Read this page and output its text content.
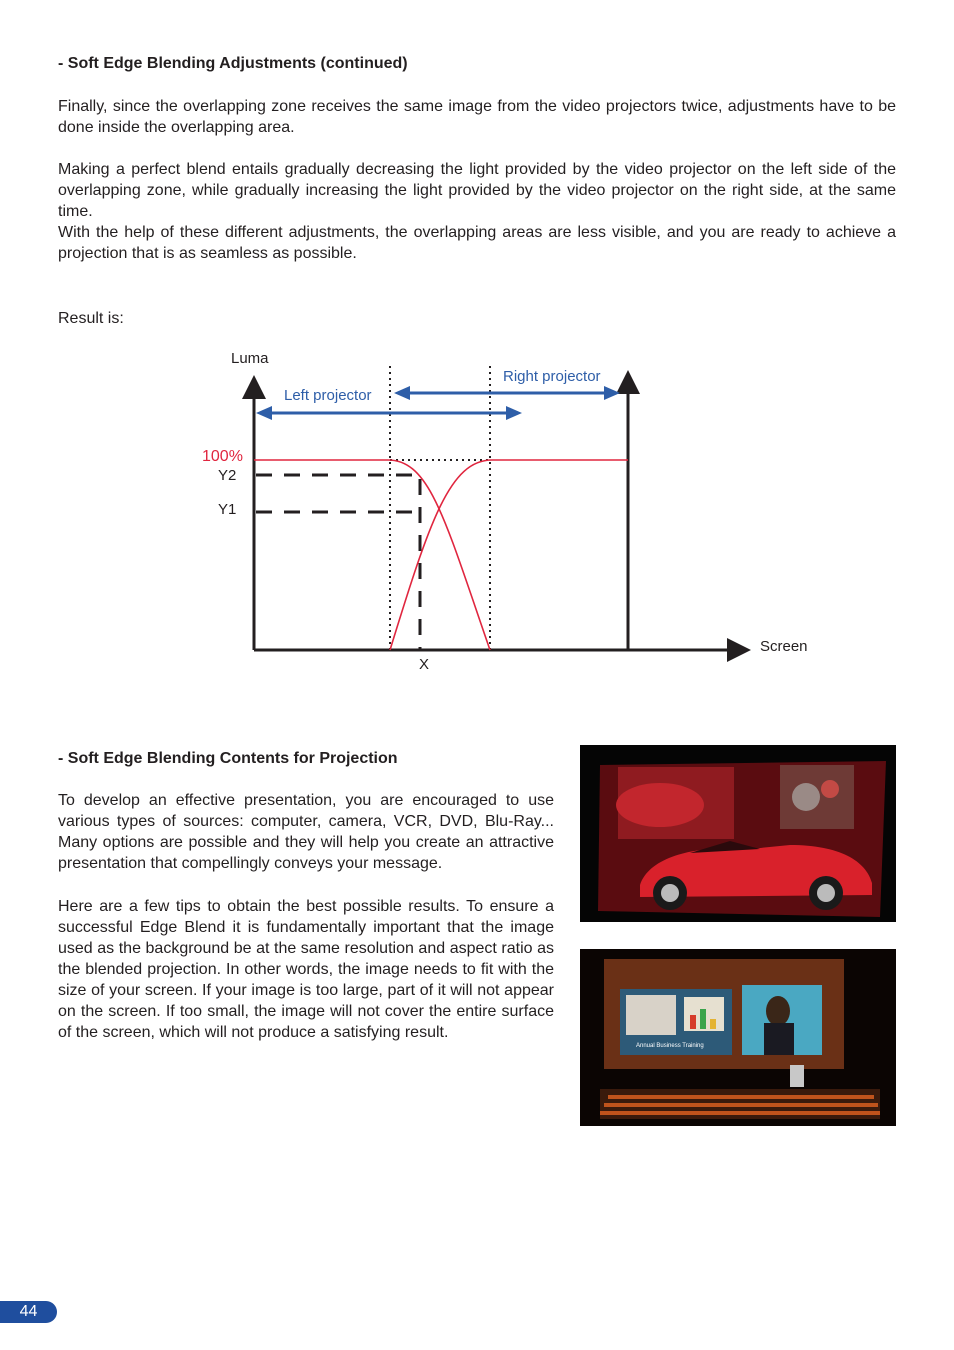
- Soft Edge Blending Adjustments (continued)
Finally, since the overlapping zone receives the same image from the video projectors twice, adjustments have to be done inside the overlapping area.
Making a perfect blend entails gradually decreasing the light provided by the video projector on the left side of the overlapping zone, while gradually increasing the light provided by the video projector on the right side, at the same time.
With the help of these different adjustments, the overlapping areas are less visible, and you are ready to achieve a projection that is as seamless as possible.
Result is:
Luma
Screen
Left projector
Right projector
100%
Y2
Y1
X
- Soft Edge Blending Contents for Projection
To develop an effective presentation, you are encouraged to use various types of sources: computer, camera, VCR, DVD, Blu-Ray... Many options are possible and they will help you create an attractive presentation that compellingly conveys your message.
Here are a few tips to obtain the best possible results. To ensure a successful Edge Blend it is fundamentally important that the image used as the background be at the same resolution and aspect ratio as the blended projection. In other words, the image needs to fit with the size of your screen. If your image is too large, part of it will not appear on the screen. If too small, the image will not cover the entire surface of the screen, which will not produce a satisfying result.
Annual Business Training
44
